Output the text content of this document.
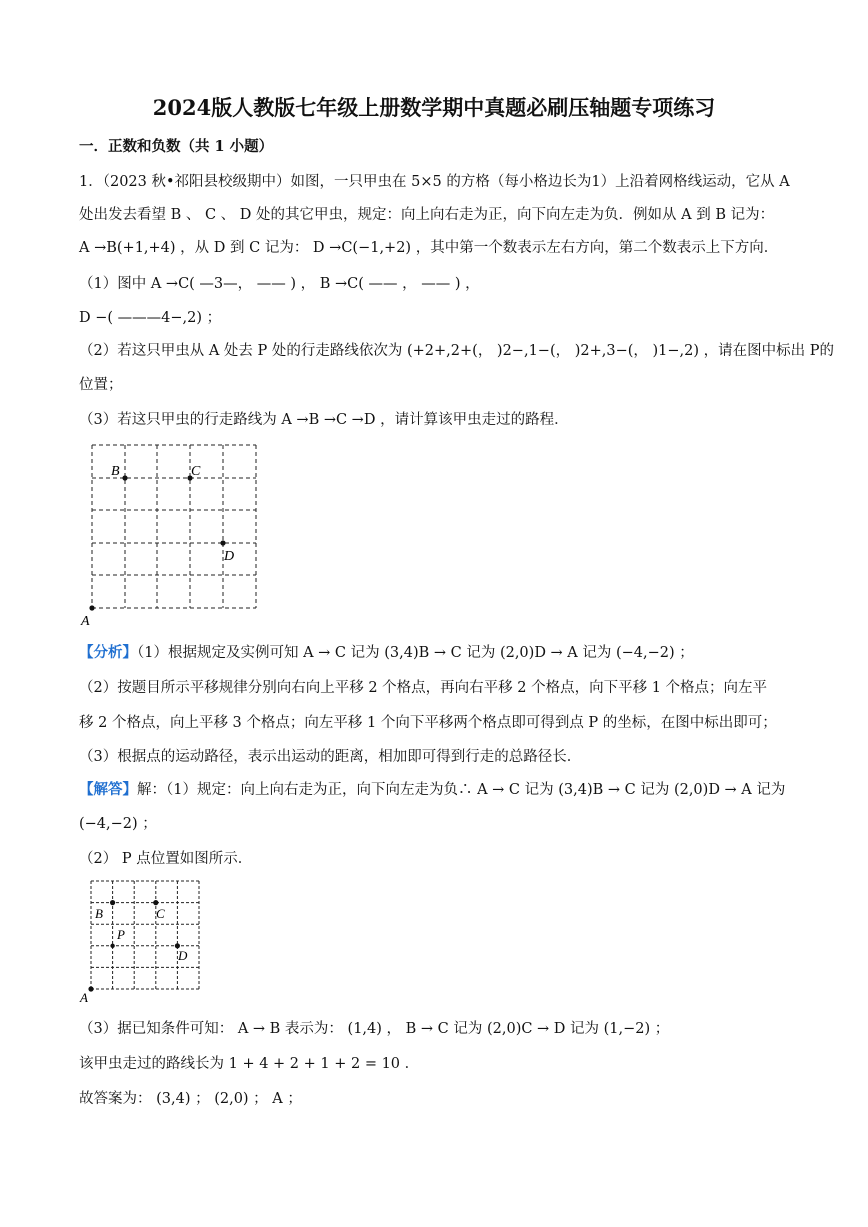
2024版人教版七年级上册数学期中真题必刷压轴题专项练习
一．正数和负数（共 1 小题）
1．（2023 秋•祁阳县校级期中）如图，一只甲虫在 5×5 的方格（每小格边长为1）上沿着网格线运动，它从 A
处出发去看望 B 、 C 、 D 处的其它甲虫，规定：向上向右走为正，向下向左走为负．例如从 A 到 B 记为：
A →B(+1,+4) ，从 D 到 C 记为： D →C(−1,+2) ，其中第一个数表示左右方向，第二个数表示上下方向．
（1）图中 A →C( —3—， —— ) ， B →C( —— ， —— ) ，
D −( ———4−,2) ；
（2）若这只甲虫从 A 处去 P 处的行走路线依次为 (+2+,2+(， )2−,1−(， )2+,3−(， )1−,2) ，请在图中标出 P的
位置；
（3）若这只甲虫的行走路线为 A →B →C →D ，请计算该甲虫走过的路程．
A
B	C
D
【分析】（1）根据规定及实例可知 A → C 记为 (3,4)B → C 记为 (2,0)D → A 记为 (−4,−2) ；
（2）按题目所示平移规律分别向右向上平移 2 个格点，再向右平移 2 个格点，向下平移 1 个格点；向左平
移 2 个格点，向上平移 3 个格点；向左平移 1 个向下平移两个格点即可得到点 P 的坐标，在图中标出即可；
（3）根据点的运动路径，表示出运动的距离，相加即可得到行走的总路径长．
【解答】解：（1）规定：向上向右走为正，向下向左走为负∴ A → C 记为 (3,4)B → C 记为 (2,0)D → A 记为
(−4,−2) ；
（2） P 点位置如图所示．
A
B	C
D
P
（3）据已知条件可知： A → B 表示为： (1,4) ， B → C 记为 (2,0)C → D 记为 (1,−2) ；
该甲虫走过的路线长为 1 + 4 + 2 + 1 + 2 = 10 ．
故答案为： (3,4) ； (2,0) ； A ；
